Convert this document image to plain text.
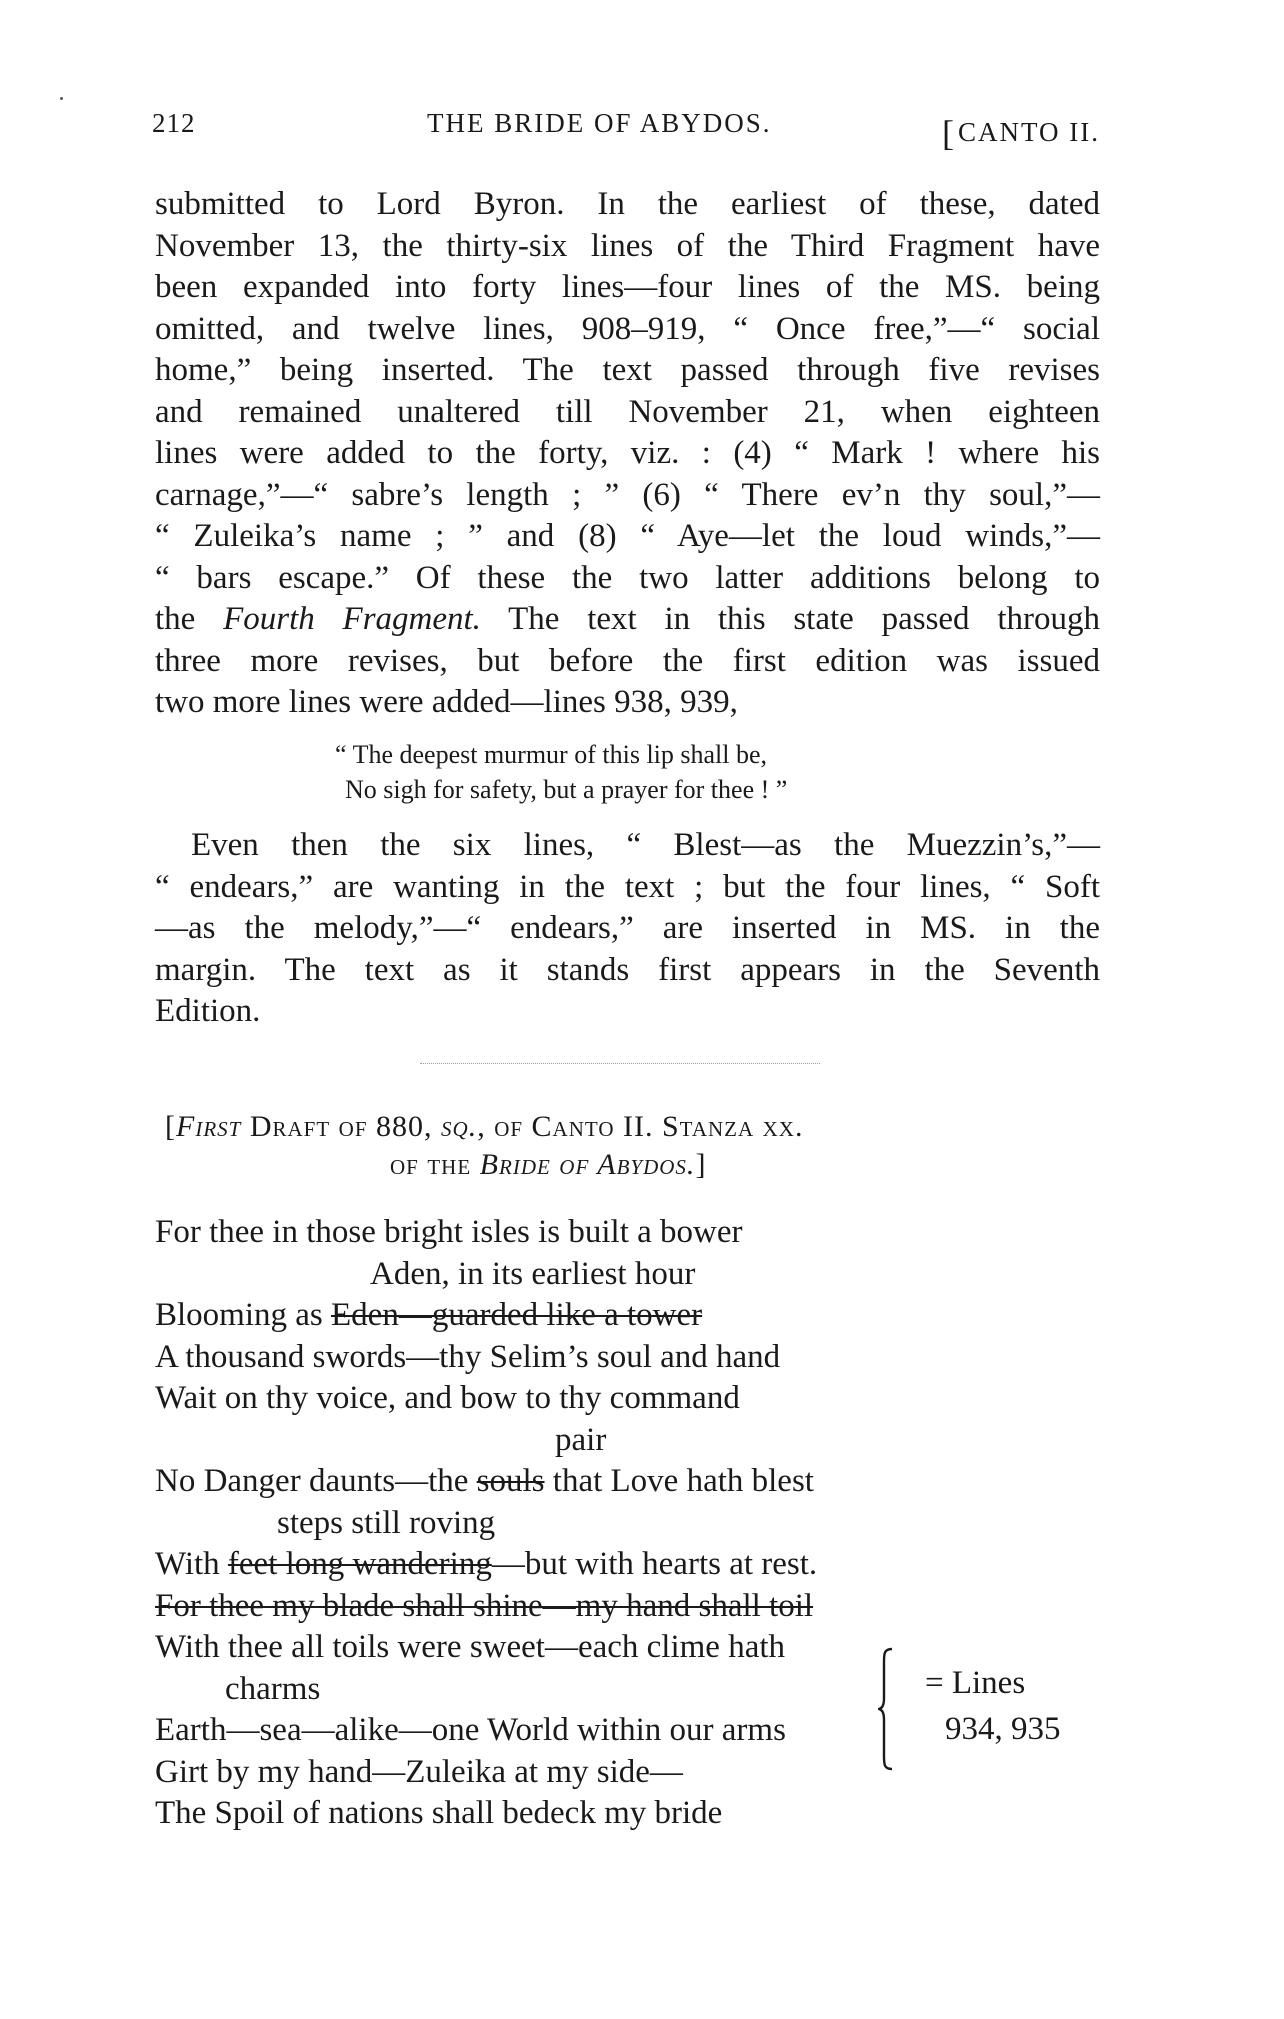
212	THE BRIDE OF ABYDOS.	[CANTO II.
submitted to Lord Byron. In the earliest of these, dated
November 13, the thirty-six lines of the Third Fragment have
been expanded into forty lines—four lines of the MS. being
omitted, and twelve lines, 908–919, “ Once free,”—“ social
home,” being inserted. The text passed through five revises
and remained unaltered till November 21, when eighteen
lines were added to the forty, viz. : (4) “ Mark ! where his
carnage,”—“ sabre’s length ; ” (6) “ There ev’n thy soul,”—
“ Zuleika’s name ; ” and (8) “ Aye—let the loud winds,”—
“ bars escape.” Of these the two latter additions belong to
the Fourth Fragment. The text in this state passed through
three more revises, but before the first edition was issued
two more lines were added—lines 938, 939,
“ The deepest murmur of this lip shall be,
No sigh for safety, but a prayer for thee ! ”
Even then the six lines, “ Blest—as the Muezzin’s,”—
“ endears,” are wanting in the text ; but the four lines, “ Soft
—as the melody,”—“ endears,” are inserted in MS. in the
margin. The text as it stands first appears in the Seventh
Edition.
[First Draft of 880, sq., of Canto II. Stanza xx.
of the Bride of Abydos.]
For thee in those bright isles is built a bower
Aden, in its earliest hour
Blooming as Eden—guarded like a tower
A thousand swords—thy Selim’s soul and hand
Wait on thy voice, and bow to thy command
pair
No Danger daunts—the souls that Love hath blest
steps still roving
With feet long wandering—but with hearts at rest.
For thee my blade shall shine—my hand shall toil
With thee all toils were sweet—each clime hath
charms
Earth—sea—alike—one World within our arms
Girt by my hand—Zuleika at my side—
The Spoil of nations shall bedeck my bride
= Lines
934, 935
